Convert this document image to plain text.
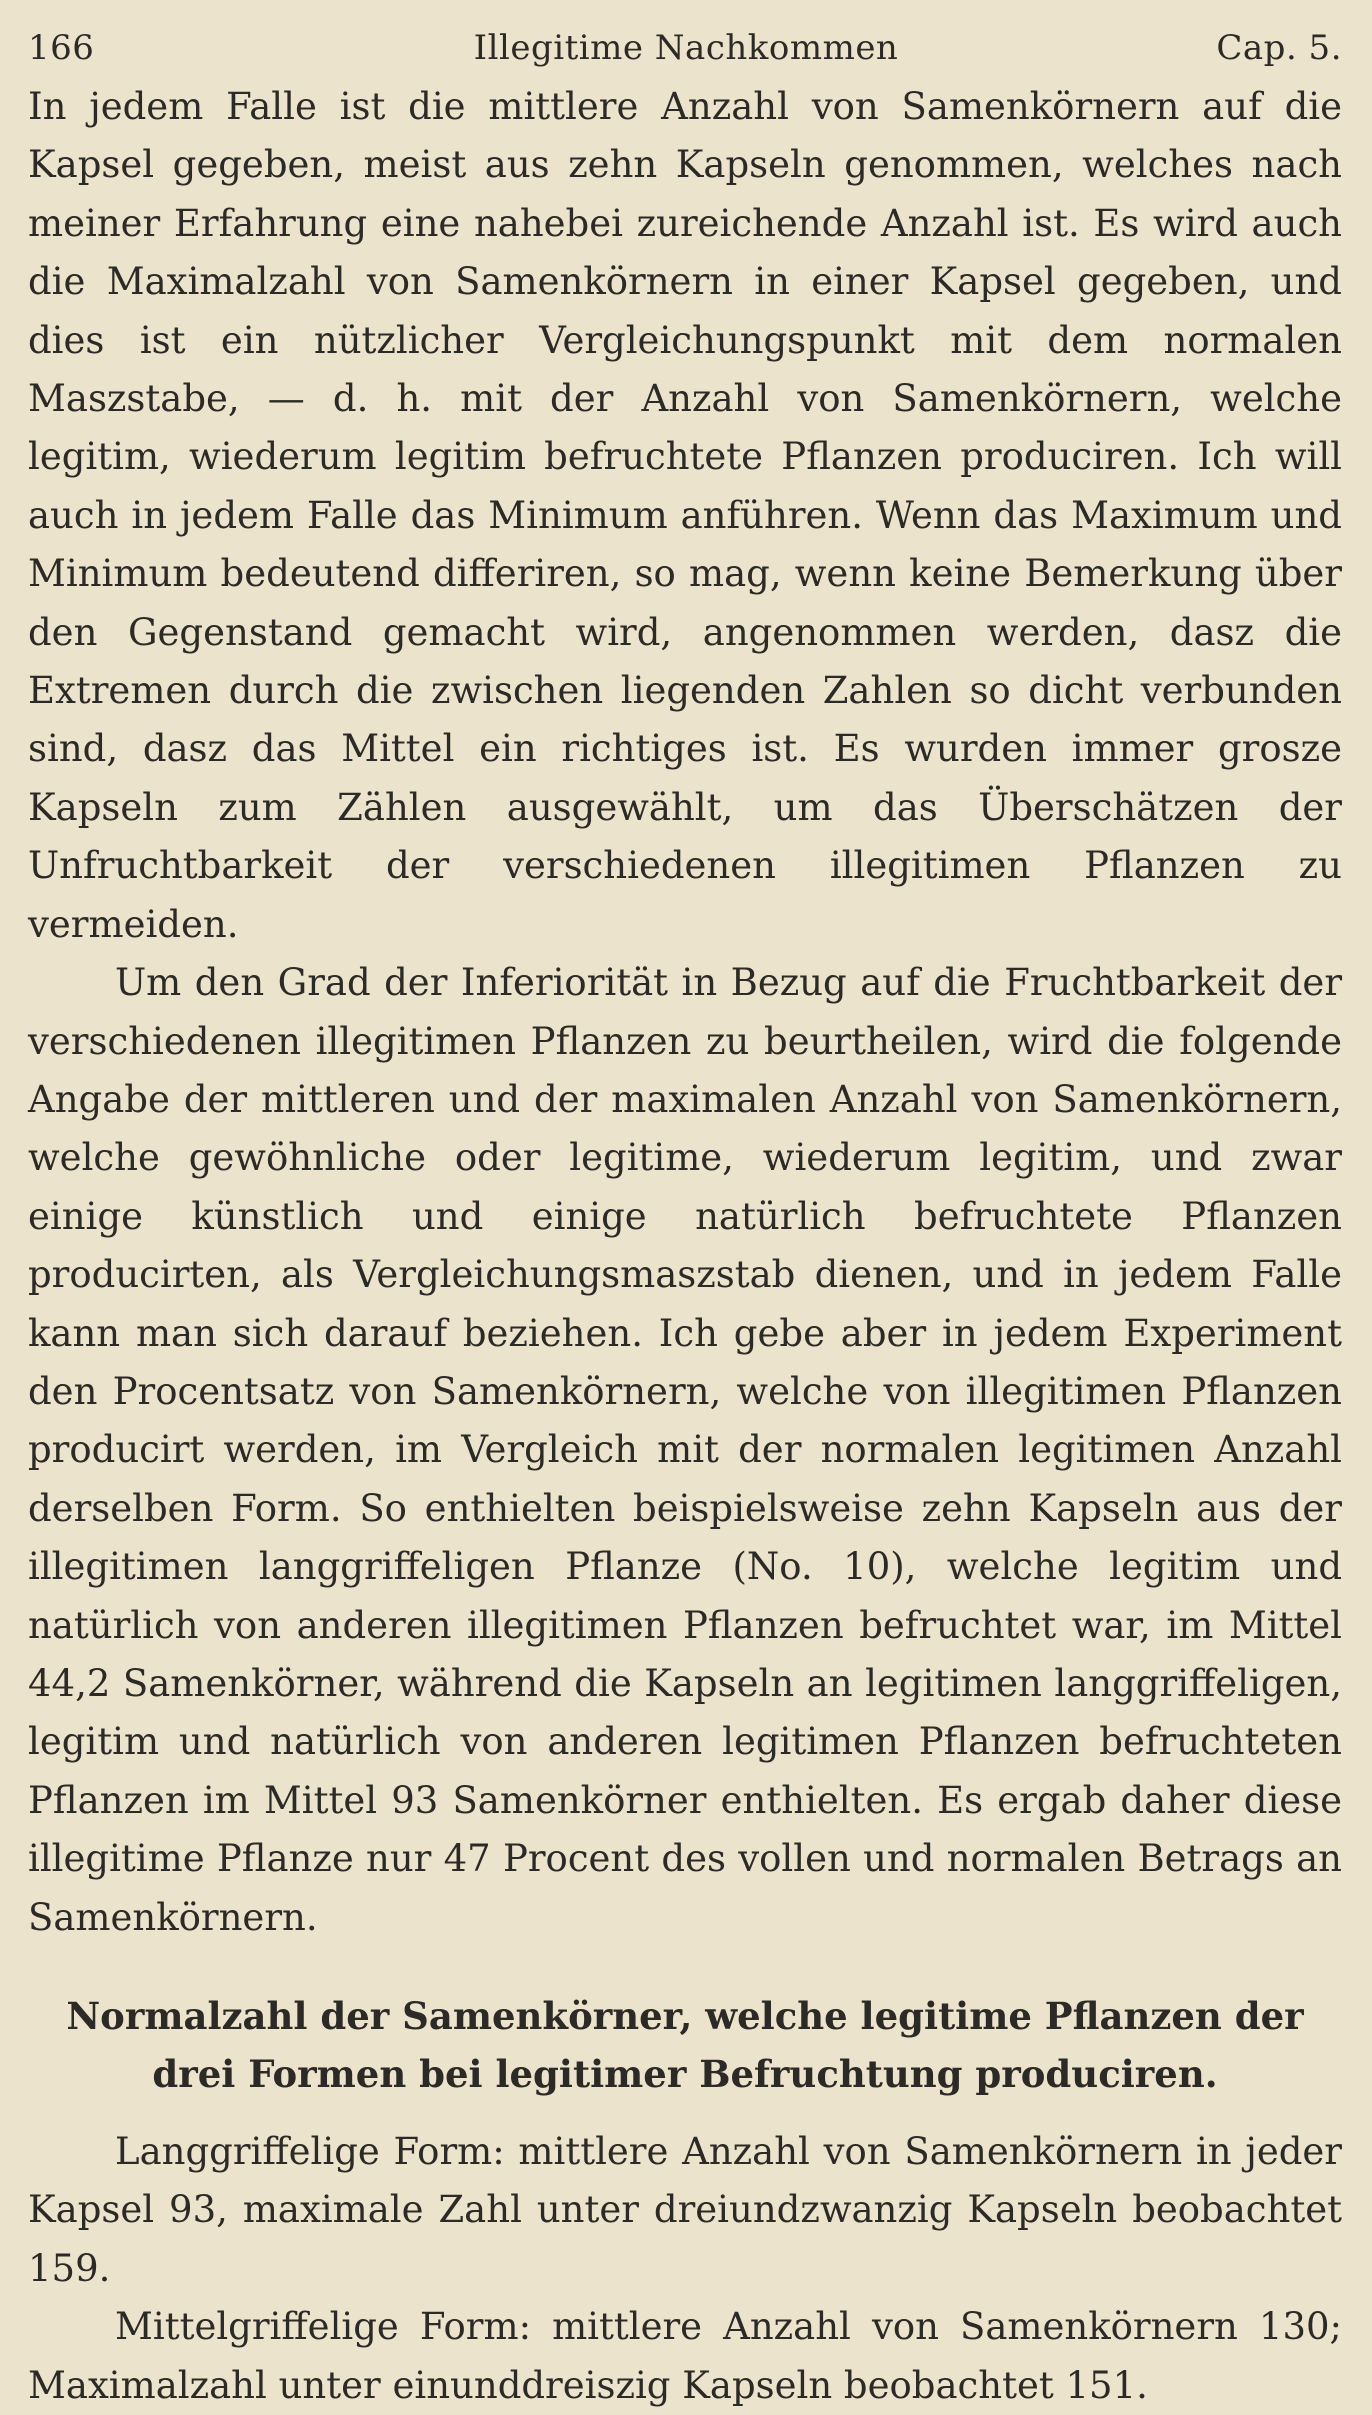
166	Illegitime Nachkommen	Cap. 5.

In jedem Falle ist die mittlere Anzahl von Samenkörnern auf die Kapsel gegeben, meist aus zehn Kapseln genommen, welches nach meiner Erfahrung eine nahebei zureichende Anzahl ist. Es wird auch die Maximalzahl von Samenkörnern in einer Kapsel gegeben, und dies ist ein nützlicher Vergleichungspunkt mit dem normalen Maszstabe, — d. h. mit der Anzahl von Samenkörnern, welche legitim, wiederum legitim befruchtete Pflanzen produciren. Ich will auch in jedem Falle das Minimum anführen. Wenn das Maximum und Minimum bedeutend differiren, so mag, wenn keine Bemerkung über den Gegenstand gemacht wird, angenommen werden, dasz die Extremen durch die zwischen liegenden Zahlen so dicht verbunden sind, dasz das Mittel ein richtiges ist. Es wurden immer grosze Kapseln zum Zählen ausgewählt, um das Überschätzen der Unfruchtbarkeit der verschiedenen illegitimen Pflanzen zu vermeiden.

Um den Grad der Inferiorität in Bezug auf die Fruchtbarkeit der verschiedenen illegitimen Pflanzen zu beurtheilen, wird die folgende Angabe der mittleren und der maximalen Anzahl von Samenkörnern, welche gewöhnliche oder legitime, wiederum legitim, und zwar einige künstlich und einige natürlich befruchtete Pflanzen producirten, als Vergleichungsmaszstab dienen, und in jedem Falle kann man sich darauf beziehen. Ich gebe aber in jedem Experiment den Procentsatz von Samenkörnern, welche von illegitimen Pflanzen producirt werden, im Vergleich mit der normalen legitimen Anzahl derselben Form. So enthielten beispielsweise zehn Kapseln aus der illegitimen langgriffeligen Pflanze (No. 10), welche legitim und natürlich von anderen illegitimen Pflanzen befruchtet war, im Mittel 44,2 Samenkörner, während die Kapseln an legitimen langgriffeligen, legitim und natürlich von anderen legitimen Pflanzen befruchteten Pflanzen im Mittel 93 Samenkörner enthielten. Es ergab daher diese illegitime Pflanze nur 47 Procent des vollen und normalen Betrags an Samenkörnern.

Normalzahl der Samenkörner, welche legitime Pflanzen der
drei Formen bei legitimer Befruchtung produciren.

Langgriffelige Form: mittlere Anzahl von Samenkörnern in jeder Kapsel 93, maximale Zahl unter dreiundzwanzig Kapseln beobachtet 159.

Mittelgriffelige Form: mittlere Anzahl von Samenkörnern 130; Maximalzahl unter einunddreiszig Kapseln beobachtet 151.
